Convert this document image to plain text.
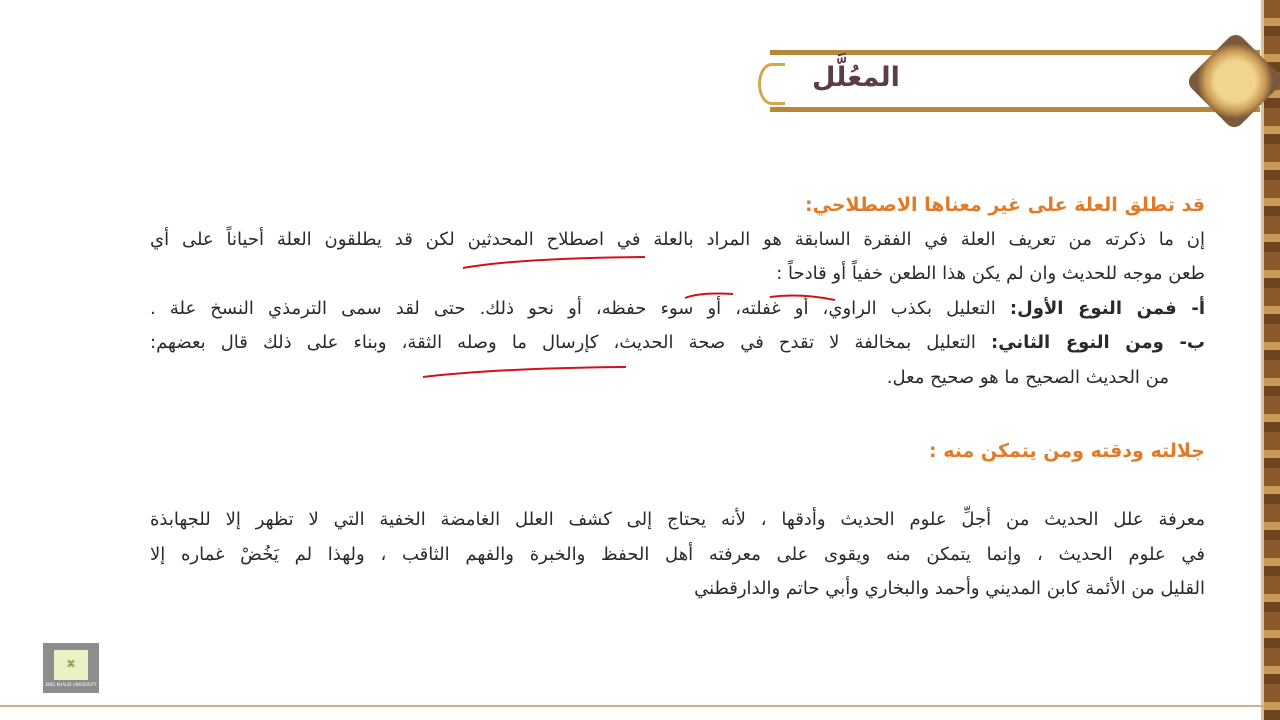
المعُلَّل
قد تطلق العلة على غير معناها الاصطلاحي:
إن ما ذكرته من تعريف العلة في الفقرة السابقة هو المراد بالعلة في اصطلاح المحدثين لكن قد يطلقون العلة أحياناً على أي
طعن موجه للحديث وان لم يكن هذا الطعن خفياً أو قادحاً :
أ- فمن النوع الأول: التعليل بكذب الراوي، أو غفلته، أو سوء حفظه، أو نحو ذلك. حتى لقد سمى الترمذي النسخ علة .
ب- ومن النوع الثاني: التعليل بمخالفة لا تقدح في صحة الحديث، كإرسال ما وصله الثقة، وبناء على ذلك قال بعضهم:
من الحديث الصحيح ما هو صحيح معل.
جلالته ودقته ومن يتمكن منه :
معرفة علل الحديث من أجلِّ علوم الحديث وأدقها ، لأنه يحتاج إلى كشف العلل الغامضة الخفية التي لا تظهر إلا للجهابذة
في علوم الحديث ، وإنما يتمكن منه ويقوى على معرفته أهل الحفظ والخبرة والفهم الثاقب ، ولهذا لم يَخُضْ غماره إلا
القليل من الأئمة كابن المديني وأحمد والبخاري وأبي حاتم والدارقطني
⌘
KING KHALID UNIVERSITY
